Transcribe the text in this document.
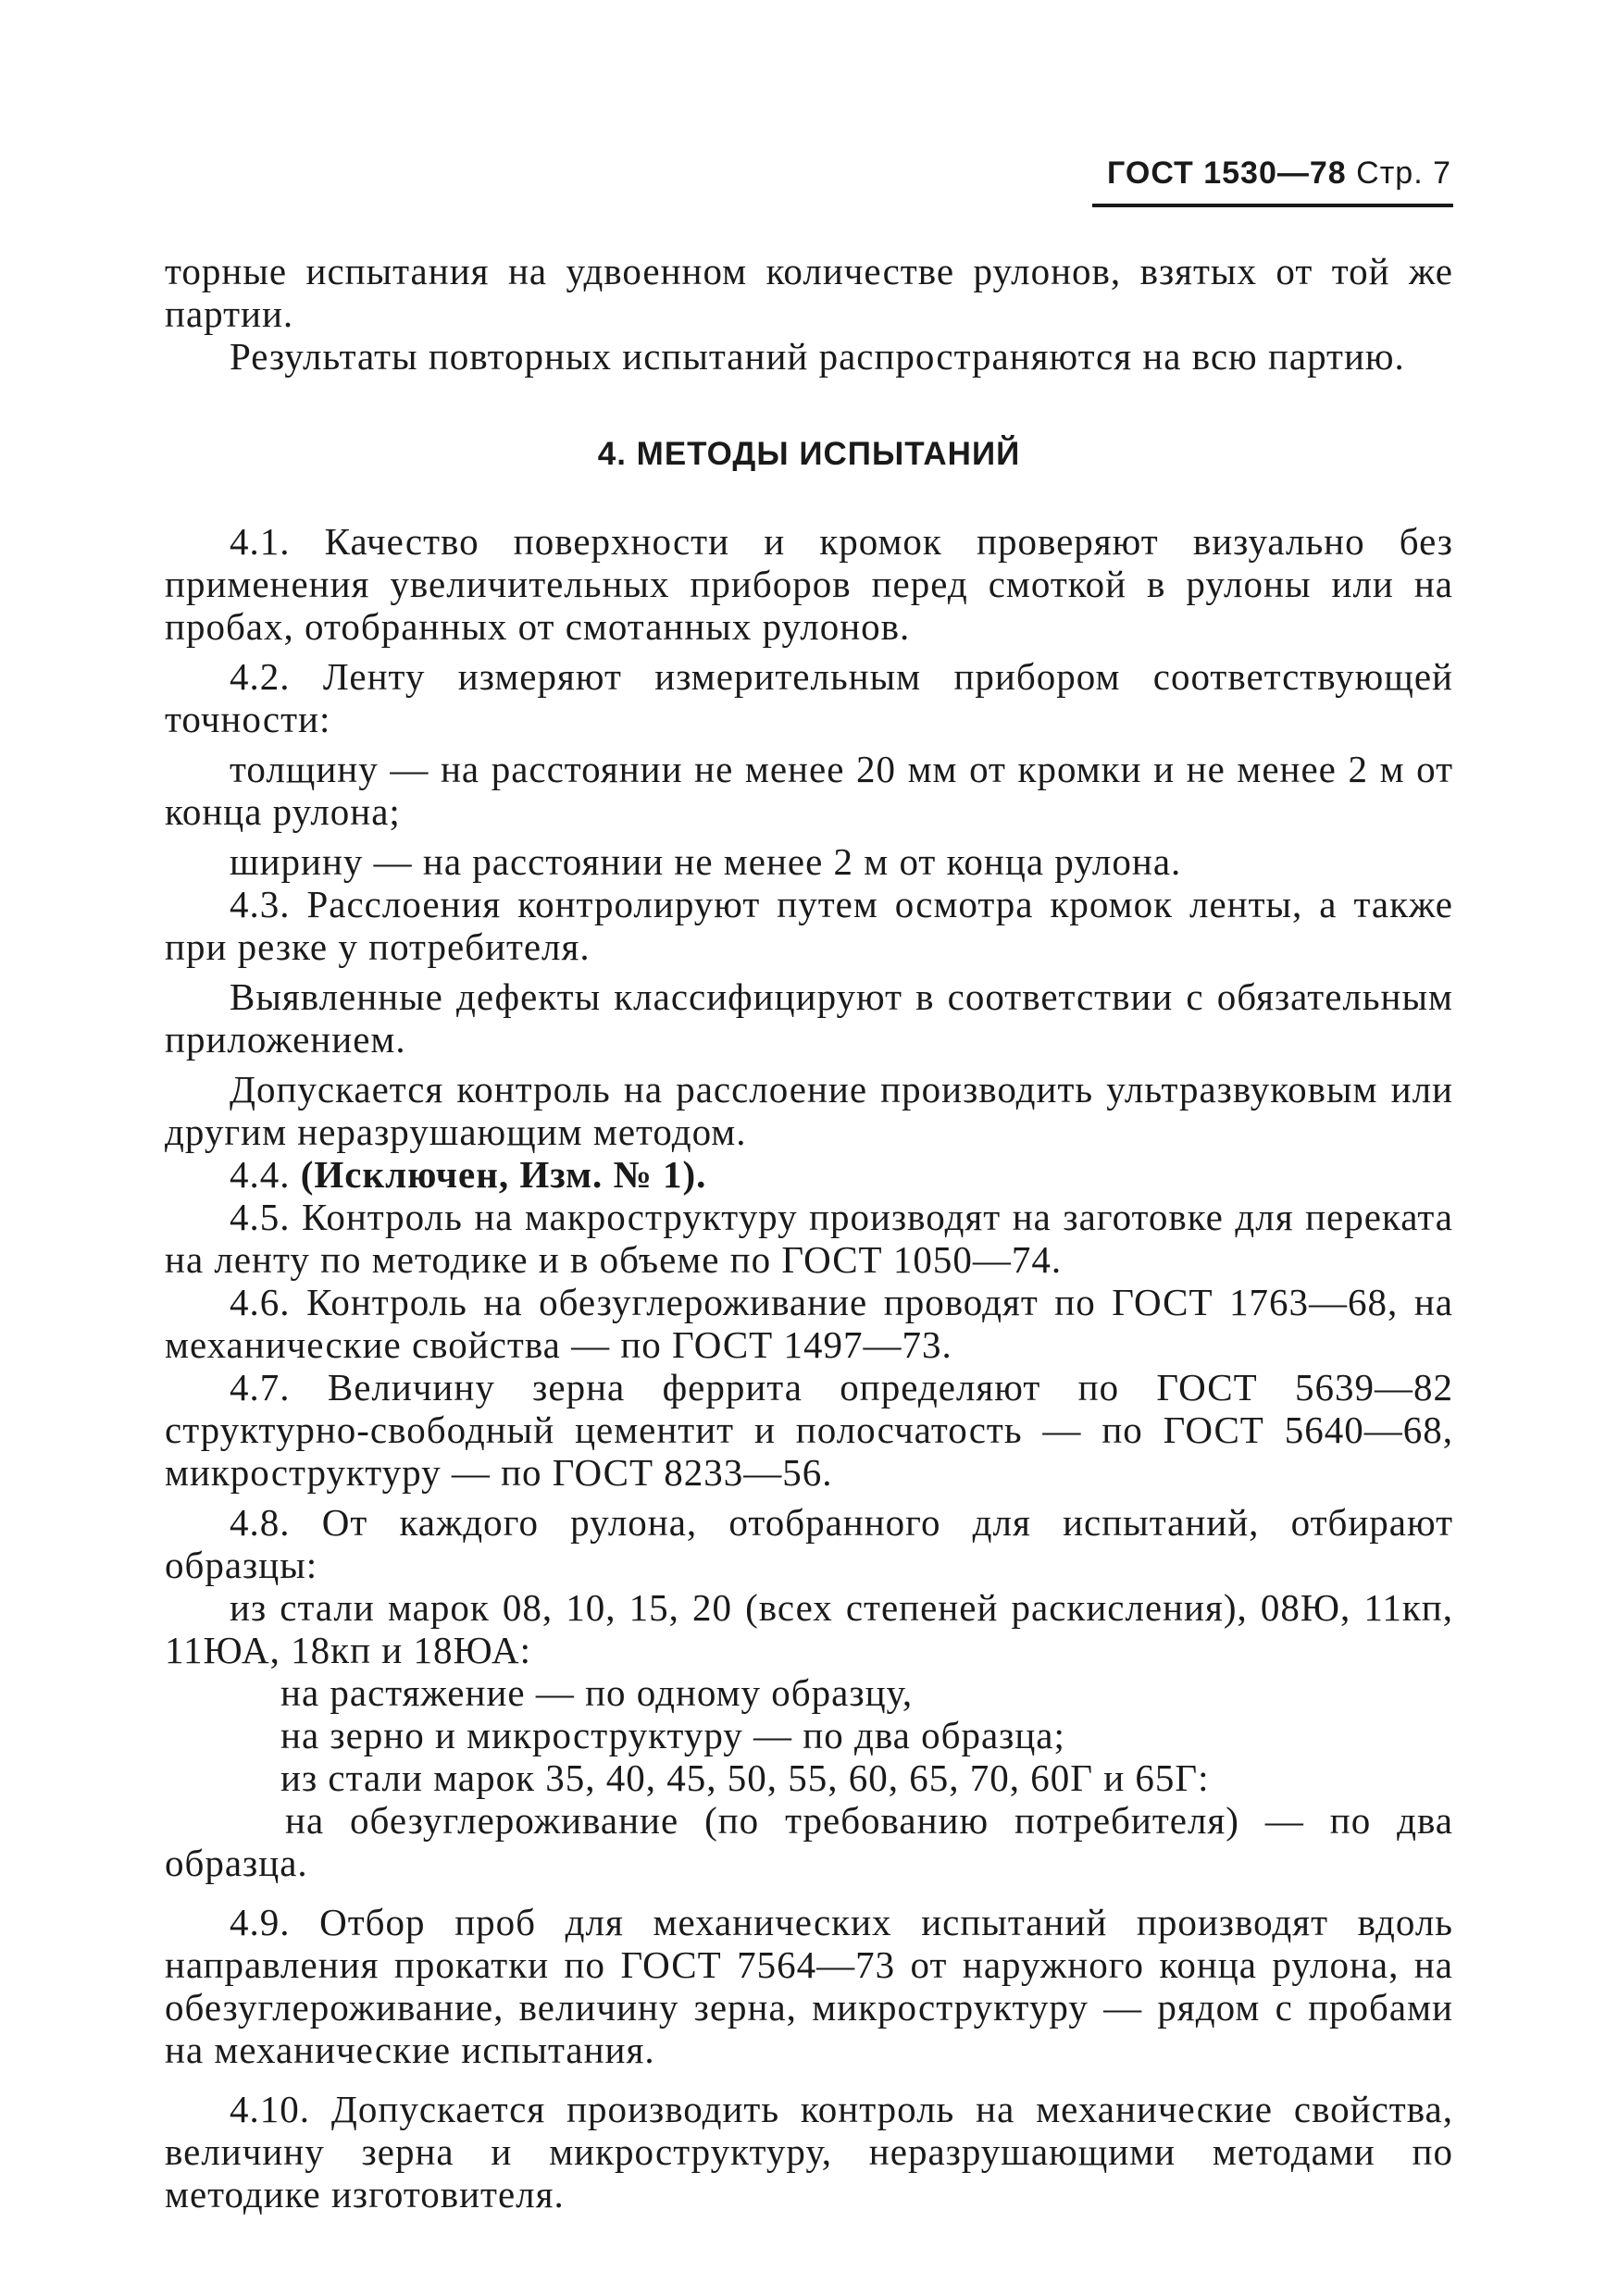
ГОСТ 1530—78 Стр. 7

торные испытания на удвоенном количестве рулонов, взятых от той же партии.

Результаты повторных испытаний распространяются на всю партию.

4. МЕТОДЫ ИСПЫТАНИЙ

4.1. Качество поверхности и кромок проверяют визуально без применения увеличительных приборов перед смоткой в рулоны или на пробах, отобранных от смотанных рулонов.

4.2. Ленту измеряют измерительным прибором соответствующей точности:

толщину — на расстоянии не менее 20 мм от кромки и не менее 2 м от конца рулона;

ширину — на расстоянии не менее 2 м от конца рулона.

4.3. Расслоения контролируют путем осмотра кромок ленты, а также при резке у потребителя.

Выявленные дефекты классифицируют в соответствии с обязательным приложением.

Допускается контроль на расслоение производить ультразвуковым или другим неразрушающим методом.

4.4. (Исключен, Изм. № 1).

4.5. Контроль на макроструктуру производят на заготовке для переката на ленту по методике и в объеме по ГОСТ 1050—74.

4.6. Контроль на обезуглероживание проводят по ГОСТ 1763—68, на механические свойства — по ГОСТ 1497—73.

4.7. Величину зерна феррита определяют по ГОСТ 5639—82 структурно-свободный цементит и полосчатость — по ГОСТ 5640—68, микроструктуру — по ГОСТ 8233—56.

4.8. От каждого рулона, отобранного для испытаний, отбирают образцы:

из стали марок 08, 10, 15, 20 (всех степеней раскисления), 08Ю, 11кп, 11ЮА, 18кп и 18ЮА:

на растяжение — по одному образцу,

на зерно и микроструктуру — по два образца;

из стали марок 35, 40, 45, 50, 55, 60, 65, 70, 60Г и 65Г:

на обезуглероживание (по требованию потребителя) — по два образца.

4.9. Отбор проб для механических испытаний производят вдоль направления прокатки по ГОСТ 7564—73 от наружного конца рулона, на обезуглероживание, величину зерна, микроструктуру — рядом с пробами на механические испытания.

4.10. Допускается производить контроль на механические свойства, величину зерна и микроструктуру, неразрушающими методами по методике изготовителя.
